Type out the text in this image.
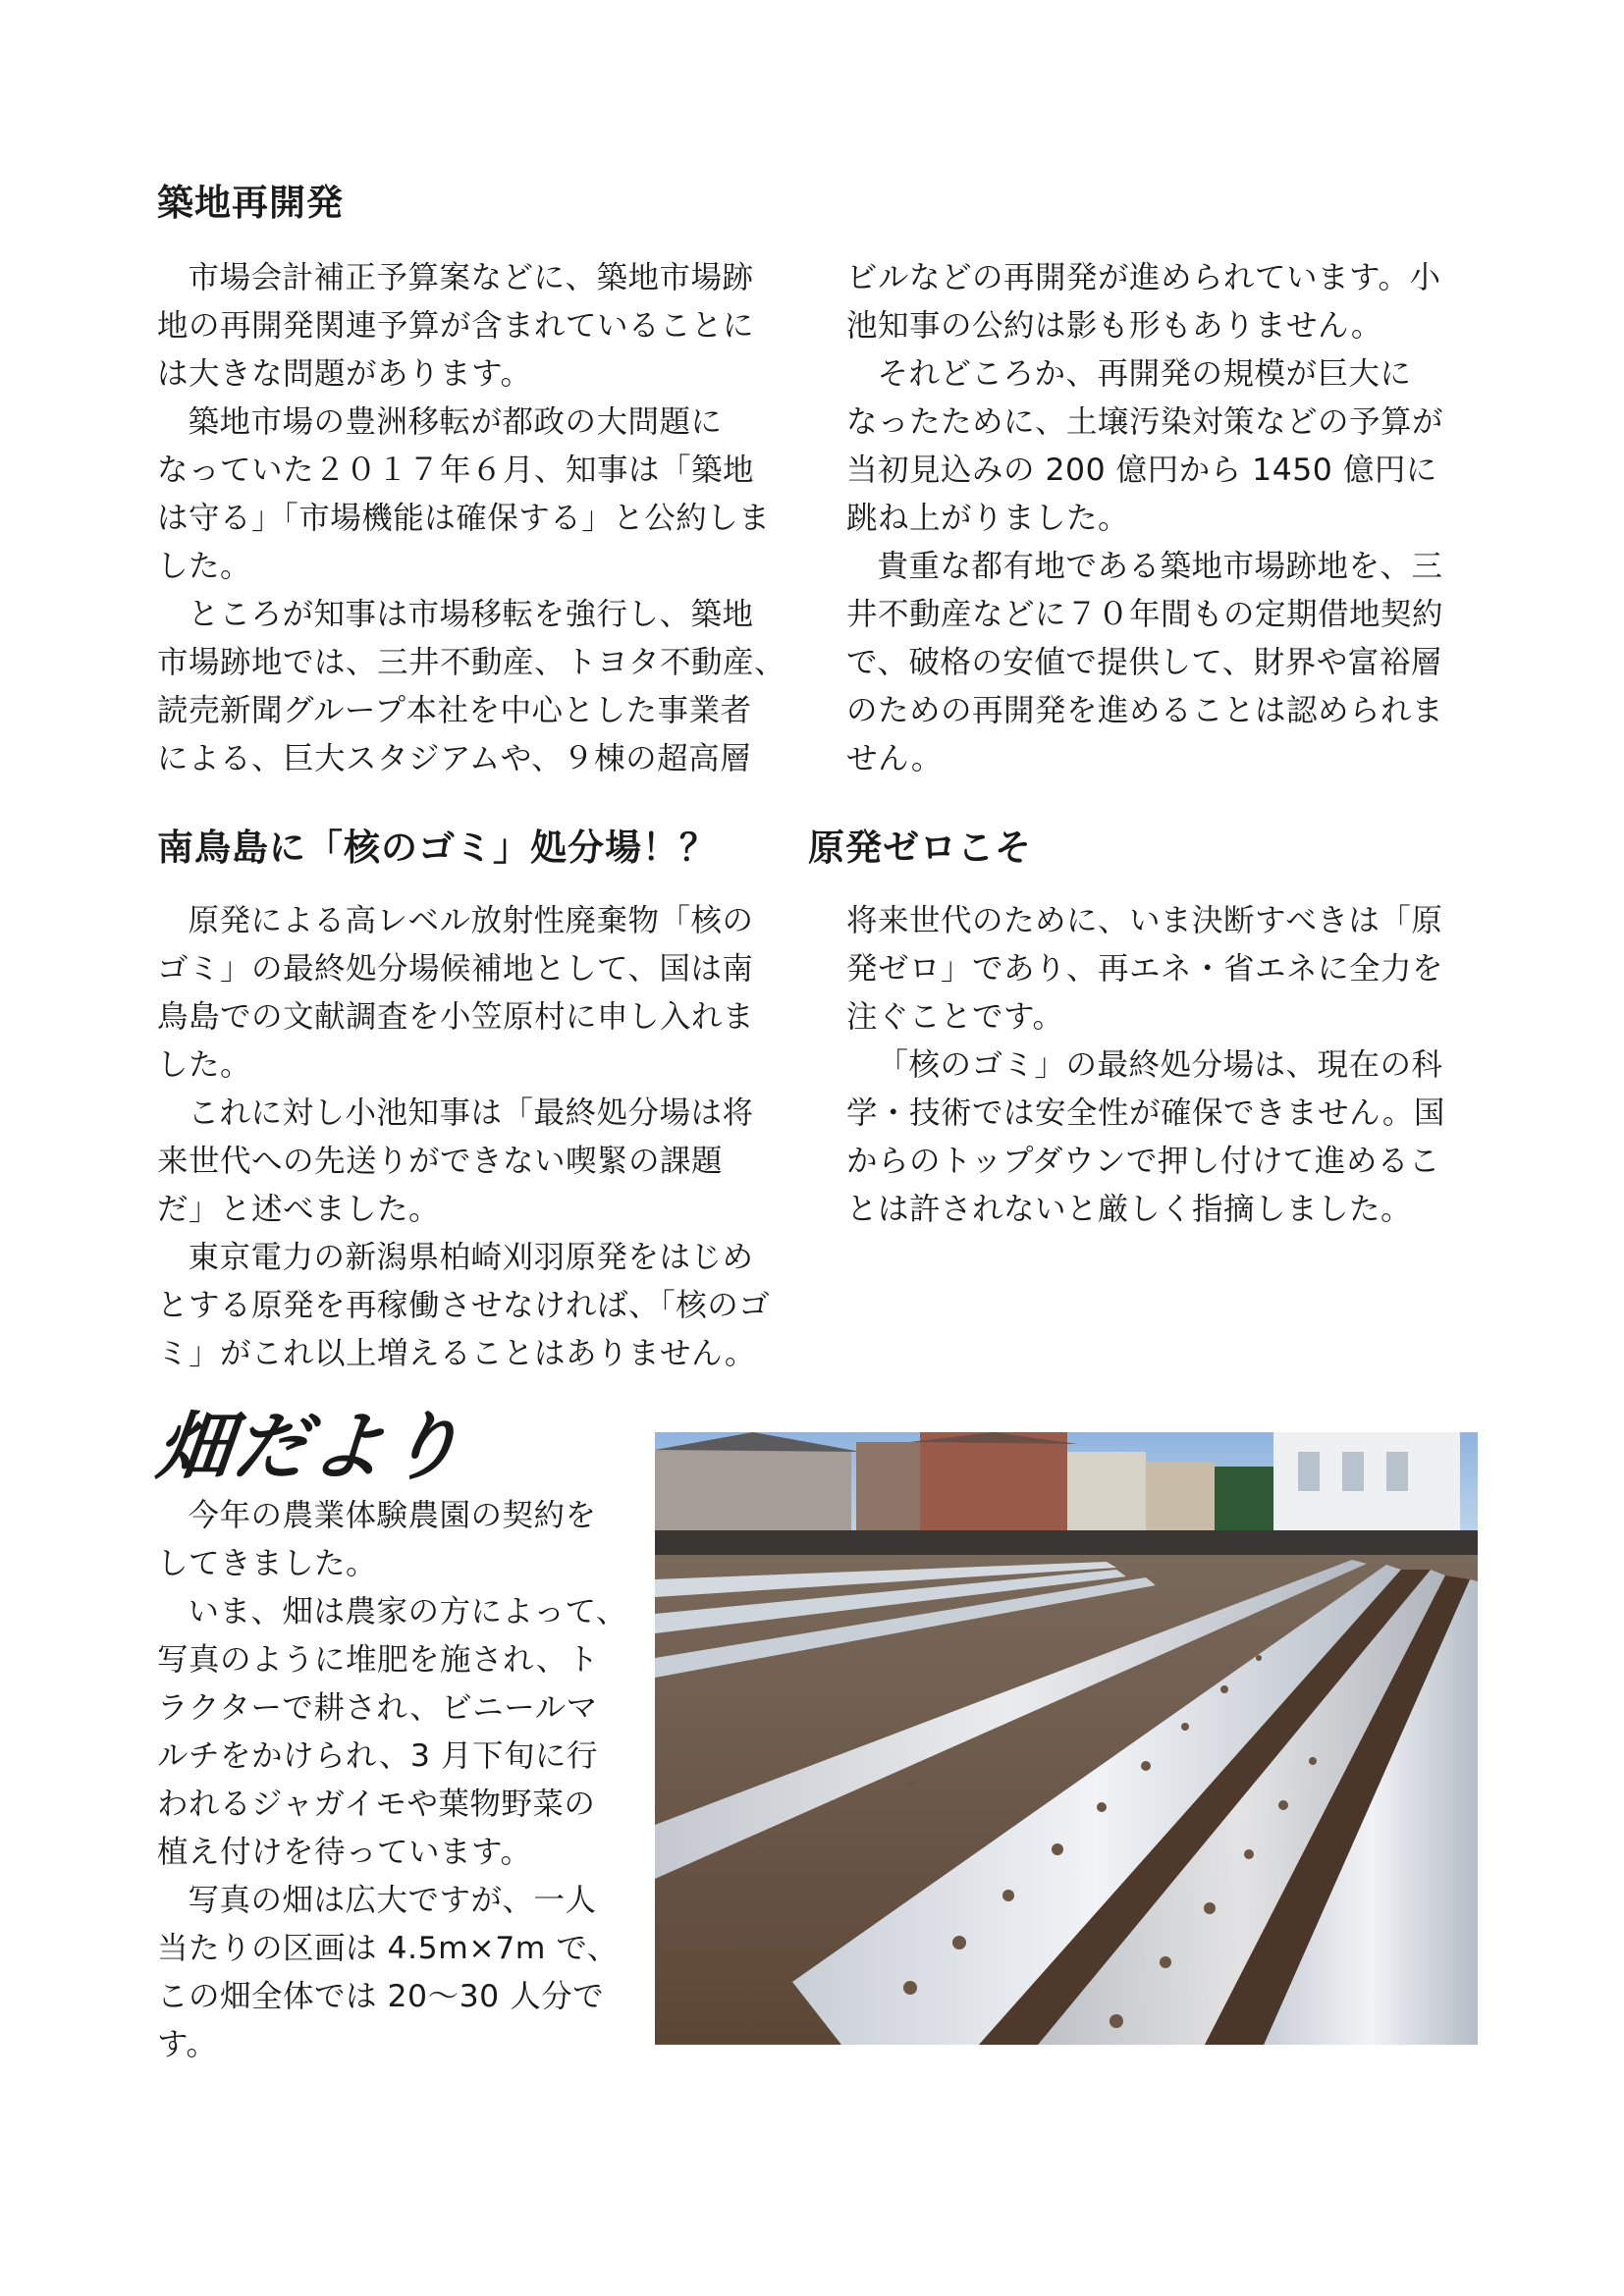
築地再開発

市場会計補正予算案などに、築地市場跡
地の再開発関連予算が含まれていることに
は大きな問題があります。

築地市場の豊洲移転が都政の大問題に
なっていた２０１７年６月、知事は「築地
は守る」「市場機能は確保する」と公約しま
した。

ところが知事は市場移転を強行し、築地
市場跡地では、三井不動産、トヨタ不動産、
読売新聞グループ本社を中心とした事業者
による、巨大スタジアムや、９棟の超高層

ビルなどの再開発が進められています。小
池知事の公約は影も形もありません。

それどころか、再開発の規模が巨大に
なったために、土壌汚染対策などの予算が
当初見込みの 200 億円から 1450 億円に
跳ね上がりました。

貴重な都有地である築地市場跡地を、三
井不動産などに７０年間もの定期借地契約
で、破格の安値で提供して、財界や富裕層
のための再開発を進めることは認められま
せん。

南鳥島に「核のゴミ」処分場！？	原発ゼロこそ

原発による高レベル放射性廃棄物「核の
ゴミ」の最終処分場候補地として、国は南
鳥島での文献調査を小笠原村に申し入れま
した。

これに対し小池知事は「最終処分場は将
来世代への先送りができない喫緊の課題
だ」と述べました。

東京電力の新潟県柏崎刈羽原発をはじめ
とする原発を再稼働させなければ、「核のゴ
ミ」がこれ以上増えることはありません。

将来世代のために、いま決断すべきは「原
発ゼロ」であり、再エネ・省エネに全力を
注ぐことです。

「核のゴミ」の最終処分場は、現在の科
学・技術では安全性が確保できません。国
からのトップダウンで押し付けて進めるこ
とは許されないと厳しく指摘しました。

畑だより

今年の農業体験農園の契約を
してきました。

いま、畑は農家の方によって、
写真のように堆肥を施され、ト
ラクターで耕され、ビニールマ
ルチをかけられ、3 月下旬に行
われるジャガイモや葉物野菜の
植え付けを待っています。

写真の畑は広大ですが、一人
当たりの区画は 4.5m×7m で、
この畑全体では 20～30 人分で
す。
